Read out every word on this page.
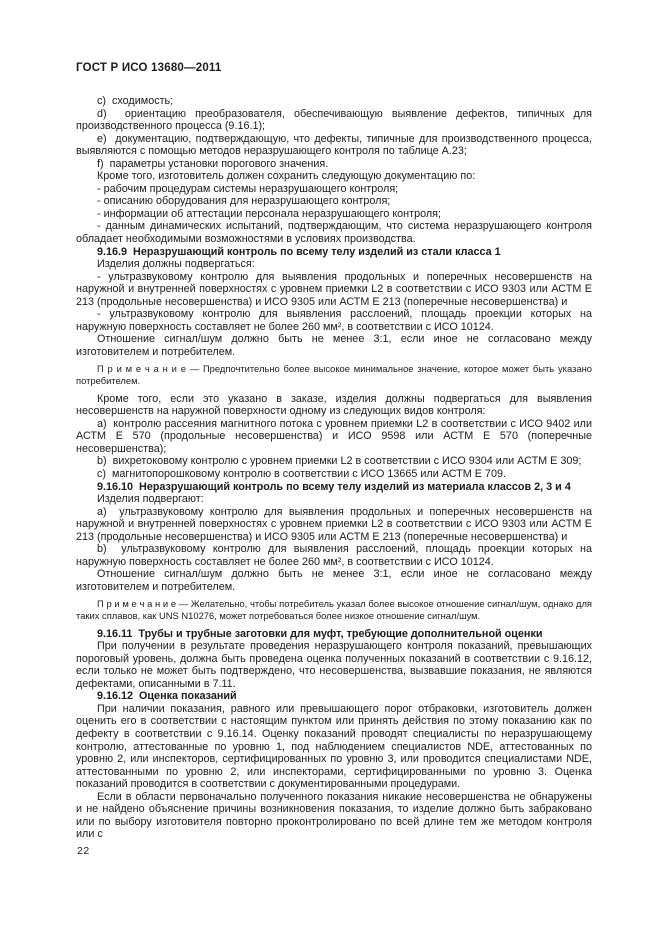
ГОСТ Р ИСО 13680—2011

c)  сходимость;

d)  ориентацию преобразователя, обеспечивающую выявление дефектов, типичных для производственного процесса (9.16.1);

e)  документацию, подтверждающую, что дефекты, типичные для производственного процесса, выявляются с помощью методов неразрушающего контроля по таблице А.23;

f)  параметры установки порогового значения.

Кроме того, изготовитель должен сохранить следующую документацию по:

- рабочим процедурам системы неразрушающего контроля;

- описанию оборудования для неразрушающего контроля;

- информации об аттестации персонала неразрушающего контроля;

- данным динамических испытаний, подтверждающим, что система неразрушающего контроля обладает необходимыми возможностями в условиях производства.

9.16.9  Неразрушающий контроль по всему телу изделий из стали класса 1

Изделия должны подвергаться:

- ультразвуковому контролю для выявления продольных и поперечных несовершенств на наружной и внутренней поверхностях с уровнем приемки L2 в соответствии с ИСО 9303 или АСТМ Е 213 (продольные несовершенства) и ИСО 9305 или АСТМ Е 213 (поперечные несовершенства) и

- ультразвуковому контролю для выявления расслоений, площадь проекции которых на наружную поверхность составляет не более 260 мм², в соответствии с ИСО 10124.

Отношение сигнал/шум должно быть не менее 3:1, если иное не согласовано между изготовителем и потребителем.

П р и м е ч а н и е — Предпочтительно более высокое минимальное значение, которое может быть указано потребителем.

Кроме того, если это указано в заказе, изделия должны подвергаться для выявления несовершенств на наружной поверхности одному из следующих видов контроля:

a)  контролю рассеяния магнитного потока с уровнем приемки L2 в соответствии с ИСО 9402 или АСТМ Е 570 (продольные несовершенства) и ИСО 9598 или АСТМ Е 570 (поперечные несовершенства);

b)  вихретоковому контролю с уровнем приемки L2 в соответствии с ИСО 9304 или АСТМ Е 309;

c)  магнитопорошковому контролю в соответствии с ИСО 13665 или АСТМ Е 709.

9.16.10  Неразрушающий контроль по всему телу изделий из материала классов 2, 3 и 4

Изделия подвергают:

a)  ультразвуковому контролю для выявления продольных и поперечных несовершенств на наружной и внутренней поверхностях с уровнем приемки L2 в соответствии с ИСО 9303 или АСТМ Е 213 (продольные несовершенства) и ИСО 9305 или АСТМ Е 213 (поперечные несовершенства) и

b)  ультразвуковому контролю для выявления расслоений, площадь проекции которых на наружную поверхность составляет не более 260 мм², в соответствии с ИСО 10124.

Отношение сигнал/шум должно быть не менее 3:1, если иное не согласовано между изготовителем и потребителем.

П р и м е ч а н и е — Желательно, чтобы потребитель указал более высокое отношение сигнал/шум, однако для таких сплавов, как UNS N10276, может потребоваться более низкое отношение сигнал/шум.

9.16.11  Трубы и трубные заготовки для муфт, требующие дополнительной оценки

При получении в результате проведения неразрушающего контроля показаний, превышающих пороговый уровень, должна быть проведена оценка полученных показаний в соответствии с 9.16.12, если только не может быть подтверждено, что несовершенства, вызвавшие показания, не являются дефектами, описанными в 7.11.

9.16.12  Оценка показаний

При наличии показания, равного или превышающего порог отбраковки, изготовитель должен оценить его в соответствии с настоящим пунктом или принять действия по этому показанию как по дефекту в соответствии с 9.16.14. Оценку показаний проводят специалисты по неразрушающему контролю, аттестованные по уровню 1, под наблюдением специалистов NDE, аттестованных по уровню 2, или инспекторов, сертифицированных по уровню 3, или проводится специалистами NDE, аттестованными по уровню 2, или инспекторами, сертифицированными по уровню 3. Оценка показаний проводится в соответствии с документированными процедурами.

Если в области первоначально полученного показания никакие несовершенства не обнаружены и не найдено объяснение причины возникновения показания, то изделие должно быть забраковано или по выбору изготовителя повторно проконтролировано по всей длине тем же методом контроля или с

22
